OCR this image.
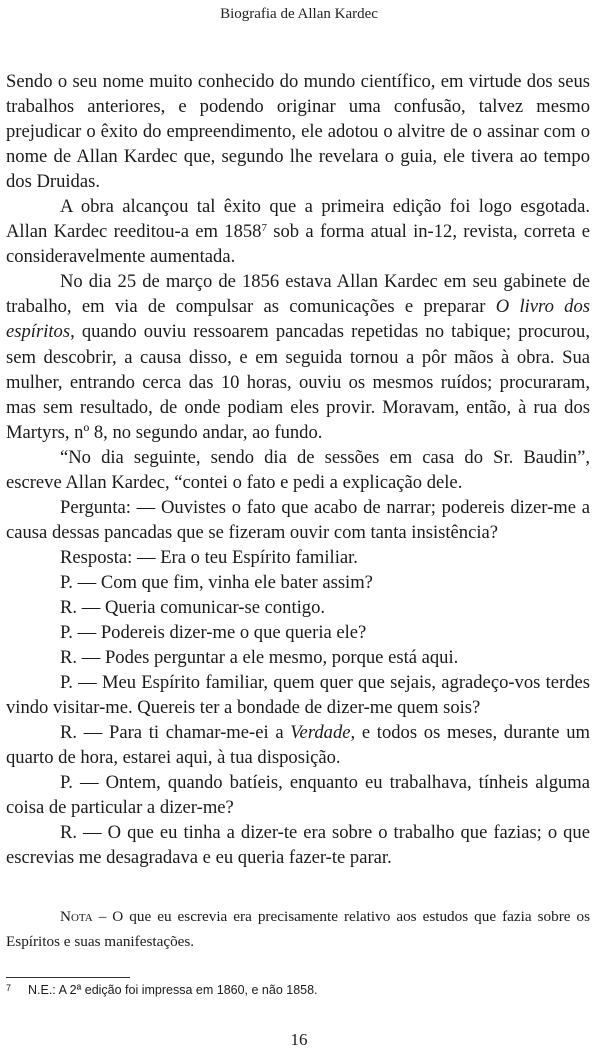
Biografia de Allan Kardec

Sendo o seu nome muito conhecido do mundo científico, em virtude dos seus trabalhos anteriores, e podendo originar uma confusão, talvez mesmo prejudicar o êxito do empreendimento, ele adotou o alvitre de o assinar com o nome de Allan Kardec que, segundo lhe revelara o guia, ele tivera ao tempo dos Druidas.

A obra alcançou tal êxito que a primeira edição foi logo esgotada. Allan Kardec reeditou-a em 1858$^7$ sob a forma atual in-12, revista, correta e consideravelmente aumentada.

No dia 25 de março de 1856 estava Allan Kardec em seu gabinete de trabalho, em via de compulsar as comunicações e preparar O livro dos espíritos, quando ouviu ressoarem pancadas repetidas no tabique; procurou, sem descobrir, a causa disso, e em seguida tornou a pôr mãos à obra. Sua mulher, entrando cerca das 10 horas, ouviu os mesmos ruídos; procuraram, mas sem resultado, de onde podiam eles provir. Moravam, então, à rua dos Martyrs, nº 8, no segundo andar, ao fundo.

“No dia seguinte, sendo dia de sessões em casa do Sr. Baudin”, escreve Allan Kardec, “contei o fato e pedi a explicação dele.

Pergunta: — Ouvistes o fato que acabo de narrar; podereis dizer-me a causa dessas pancadas que se fizeram ouvir com tanta insistência?

Resposta: — Era o teu Espírito familiar.

P. — Com que fim, vinha ele bater assim?

R. — Queria comunicar-se contigo.

P. — Podereis dizer-me o que queria ele?

R. — Podes perguntar a ele mesmo, porque está aqui.

P. — Meu Espírito familiar, quem quer que sejais, agradeço-vos terdes vindo visitar-me. Quereis ter a bondade de dizer-me quem sois?

R. — Para ti chamar-me-ei a Verdade, e todos os meses, durante um quarto de hora, estarei aqui, à tua disposição.

P. — Ontem, quando batíeis, enquanto eu trabalhava, tínheis alguma coisa de particular a dizer-me?

R. — O que eu tinha a dizer-te era sobre o trabalho que fazias; o que escrevias me desagradava e eu queria fazer-te parar.

Nota – O que eu escrevia era precisamente relativo aos estudos que fazia sobre os Espíritos e suas manifestações.
7 N.E.: A 2ª edição foi impressa em 1860, e não 1858.
16
